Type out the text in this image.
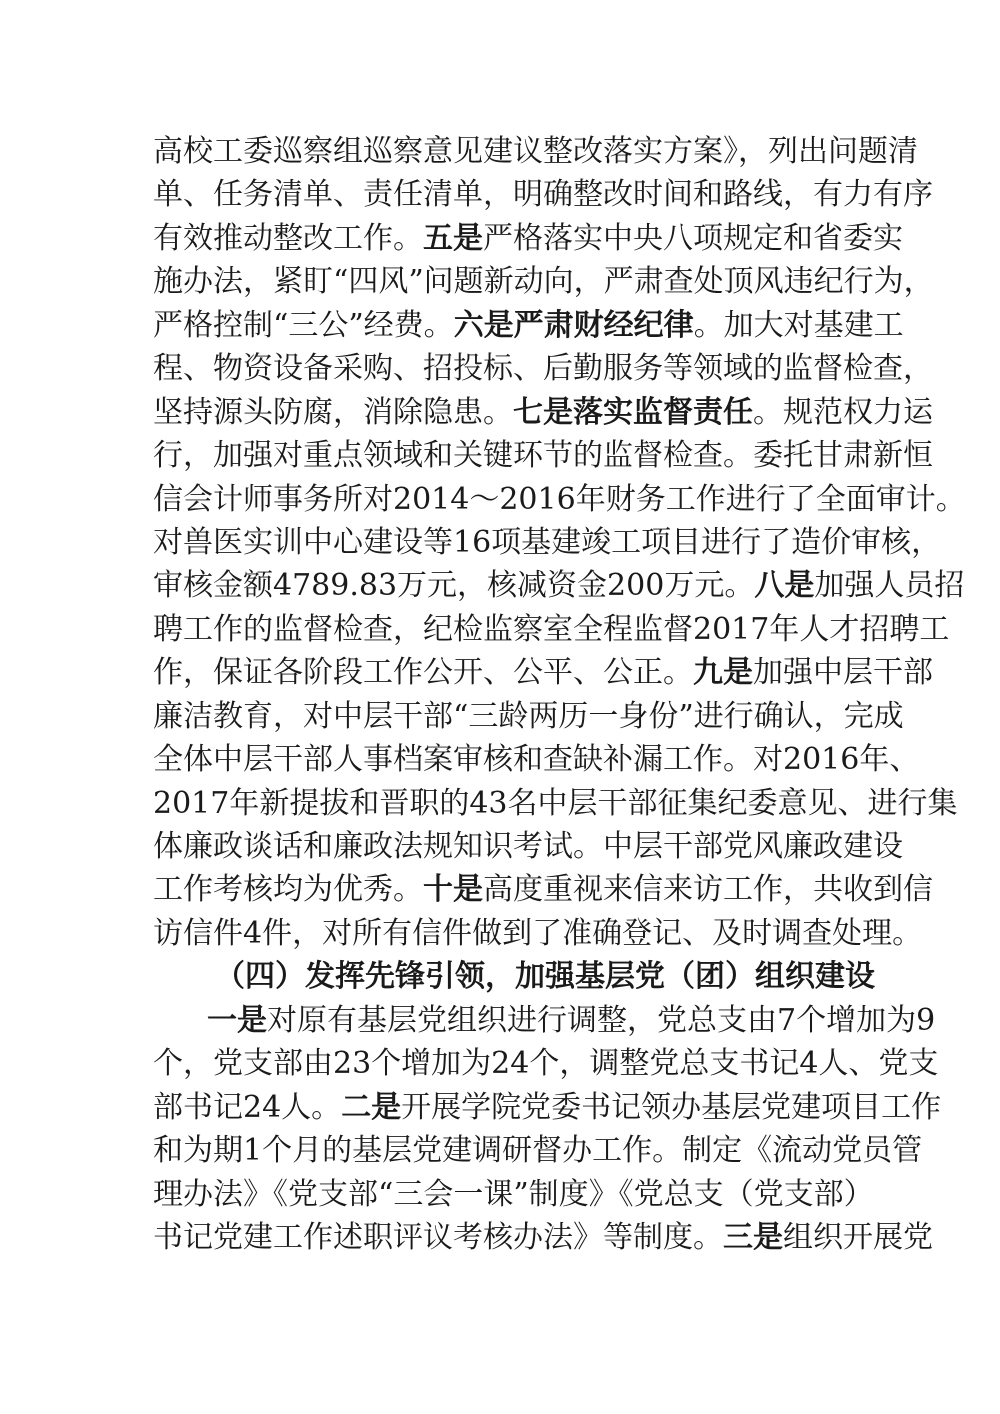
高校工委巡察组巡察意见建议整改落实方案》，列出问题清
单、任务清单、责任清单，明确整改时间和路线，有力有序
有效推动整改工作。五是严格落实中央八项规定和省委实
施办法，紧盯“四风”问题新动向，严肃查处顶风违纪行为，
严格控制“三公”经费。六是严肃财经纪律。加大对基建工
程、物资设备采购、招投标、后勤服务等领域的监督检查，
坚持源头防腐，消除隐患。七是落实监督责任。规范权力运
行，加强对重点领域和关键环节的监督检查。委托甘肃新恒
信会计师事务所对2014～2016年财务工作进行了全面审计。
对兽医实训中心建设等16项基建竣工项目进行了造价审核，
审核金额4789.83万元，核减资金200万元。八是加强人员招
聘工作的监督检查，纪检监察室全程监督2017年人才招聘工
作，保证各阶段工作公开、公平、公正。九是加强中层干部
廉洁教育，对中层干部“三龄两历一身份”进行确认，完成
全体中层干部人事档案审核和查缺补漏工作。对2016年、
2017年新提拔和晋职的43名中层干部征集纪委意见、进行集
体廉政谈话和廉政法规知识考试。中层干部党风廉政建设
工作考核均为优秀。十是高度重视来信来访工作，共收到信
访信件4件，对所有信件做到了准确登记、及时调查处理。
（四）发挥先锋引领，加强基层党（团）组织建设
一是对原有基层党组织进行调整，党总支由7个增加为9
个，党支部由23个增加为24个，调整党总支书记4人、党支
部书记24人。二是开展学院党委书记领办基层党建项目工作
和为期1个月的基层党建调研督办工作。制定《流动党员管
理办法》《党支部“三会一课”制度》《党总支（党支部）
书记党建工作述职评议考核办法》等制度。三是组织开展党
